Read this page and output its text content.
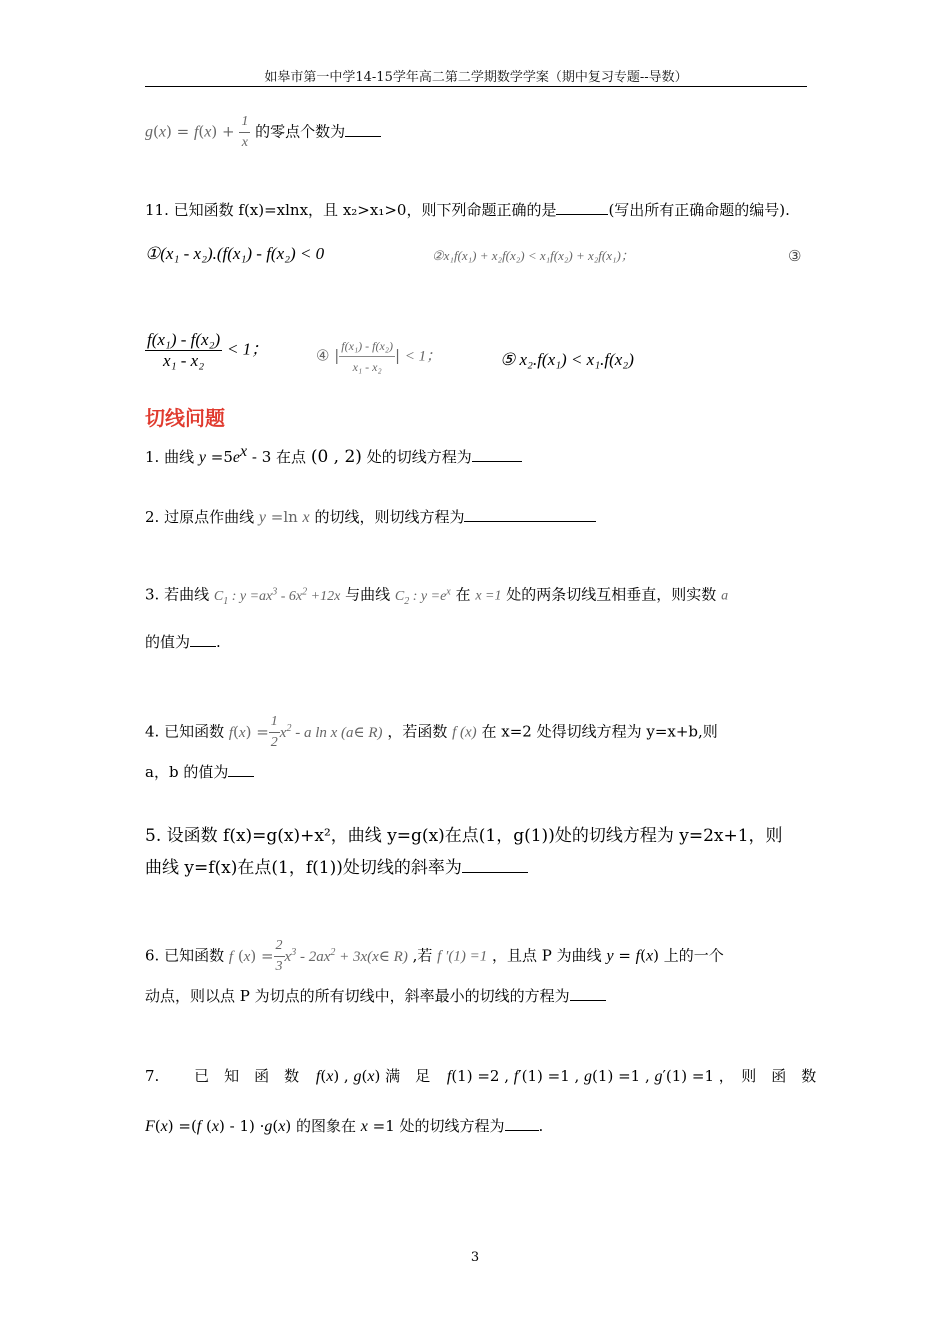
如皋市第一中学14-15学年高二第二学期数学学案（期中复习专题--导数）
$g(x) = f(x) + \frac{1}{x}$ 的零点个数为
11. 已知函数 f(x)=xlnx，且 x₂>x₁>0，则下列命题正确的是	(写出所有正确命题的编号).
①(x₁ - x₂).(f(x₁) - f(x₂) < 0	②x₁f(x₁) + x₂f(x₂) < x₁f(x₂) + x₂f(x₁)；	③
$\frac{\text{f(x₁) - f(x₂)}}{\text{x₁ - x₂}} < 1$；	④ | $\frac{\text{f(x₁) - f(x₂)}}{\text{x₁ - x₂}}$ | < 1；	⑤ x₂.f(x₁) < x₁.f(x₂)
切线问题
1. 曲线 $y =5e^x - 3$ 在点 (0 , 2) 处的切线方程为
2. 过原点作曲线 y =ln x 的切线，则切线方程为
3. 若曲线 $C_1$ : $y =ax^3 - 6x^2 +12x$ 与曲线 $C_2$ : $y =e^x$ 在 x =1 处的两条切线互相垂直，则实数 a
的值为 .
4. 已知函数 $f(x) = \frac{1}{2} x^2 - a$ ln x (a∈ R) ，若函数 f (x) 在 x=2 处得切线方程为 y=x+b,则
a，b 的值为
5. 设函数 f(x)=g(x)+x²，曲线 y=g(x)在点(1，g(1))处的切线方程为 y=2x+1，则
曲线 y=f(x)在点(1，f(1))处切线的斜率为
6. 已知函数 f $(x) = \frac{2}{3} x^3 - 2ax^2$ + 3x(x∈ R) ,若 f ′(1) =1 ，且点 P 为曲线 y = f(x) 上的一个
动点，则以点 P 为切点的所有切线中，斜率最小的切线的方程为
7. 已　知　函　数 f(x) , g(x) 满　足 f(1) =2 , f′(1) =1 , g(1) =1 , g′(1) =1 ，　则　函　数
F(x) =(f (x) - 1) ·g(x) 的图象在 x =1 处的切线方程为 .
3
